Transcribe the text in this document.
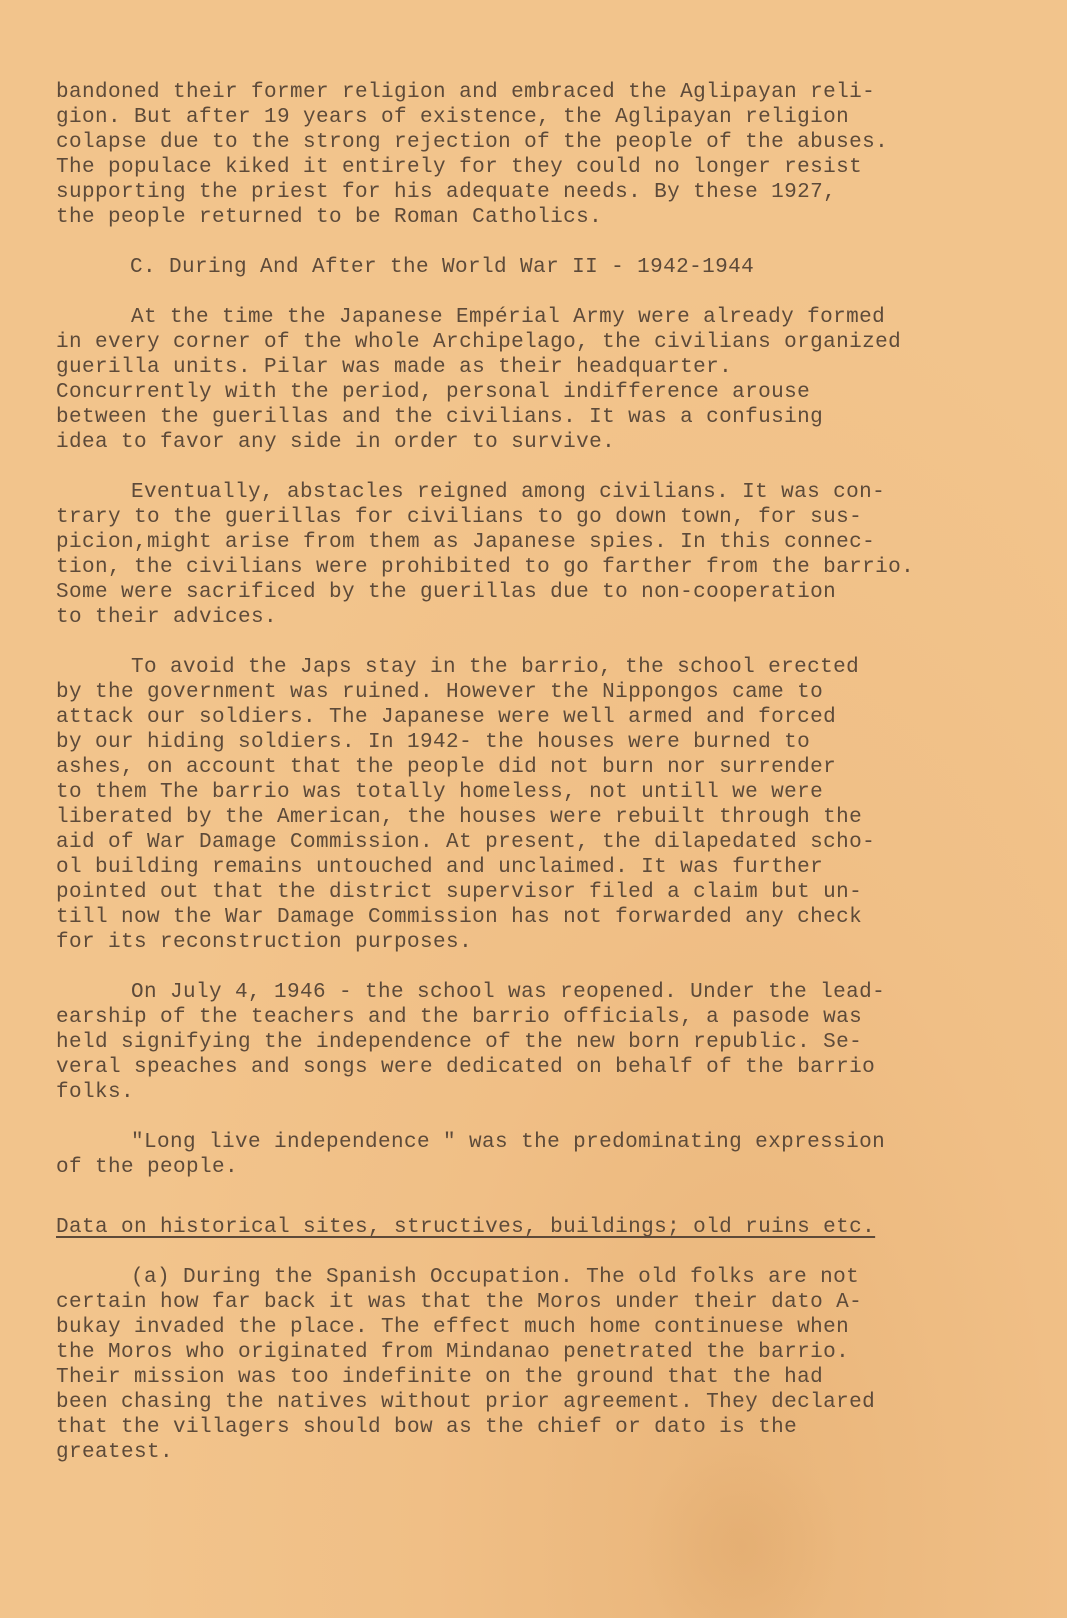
bandoned their former religion and embraced the Aglipayan reli-

gion. But after 19 years of existence, the Aglipayan religion

colapse due to the strong rejection of the people of the abuses.

The populace kiked it entirely for they could no longer resist

supporting the priest for his adequate needs. By these 1927,

the people returned to be Roman Catholics.

C. During And After the World War II - 1942-1944

At the time the Japanese Empérial Army were already formed

in every corner of the whole Archipelago, the civilians organized

guerilla units. Pilar was made as their headquarter.

Concurrently with the period, personal indifference arouse

between the guerillas and the civilians. It was a confusing

idea to favor any side in order to survive.

Eventually, abstacles reigned among civilians. It was con-

trary to the guerillas for civilians to go down town, for sus-

picion,might arise from them as Japanese spies. In this connec-

tion, the civilians were prohibited to go farther from the barrio.

Some were sacrificed by the guerillas due to non-cooperation

to their advices.

To avoid the Japs stay in the barrio, the school erected

by the government was ruined. However the Nippongos came to

attack our soldiers. The Japanese were well armed and forced

by our hiding soldiers. In 1942- the houses were burned to

ashes, on account that the people did not burn nor surrender

to them The barrio was totally homeless, not untill we were

liberated by the American, the houses were rebuilt through the

aid of War Damage Commission. At present, the dilapedated scho-

ol building remains untouched and unclaimed. It was further

pointed out that the district supervisor filed a claim but un-

till now the War Damage Commission has not forwarded any check

for its reconstruction purposes.

On July 4, 1946 - the school was reopened. Under the lead-

earship of the teachers and the barrio officials, a pasode was

held signifying the independence of the new born republic. Se-

veral speaches and songs were dedicated on behalf of the barrio

folks.

"Long live independence " was the predominating expression

of the people.

Data on historical sites, structives, buildings; old ruins etc.

(a) During the Spanish Occupation. The old folks are not

certain how far back it was that the Moros under their dato A-

bukay invaded the place. The effect much home continuese when

the Moros who originated from Mindanao penetrated the barrio.

Their mission was too indefinite on the ground that the had

been chasing the natives without prior agreement. They declared

that the villagers should bow as the chief or dato is the

greatest.
